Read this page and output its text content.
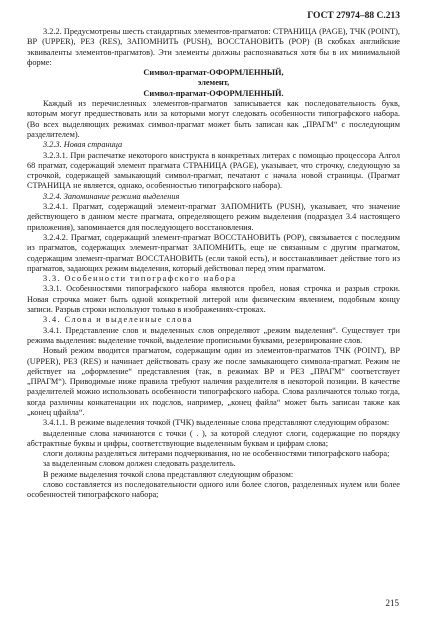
ГОСТ 27974–88 С.213

3.2.2. Предусмотрены шесть стандартных элементов-прагматов: СТРАНИЦА (PAGE), ТЧК (POINT), ВР (UPPER), РЕЗ (RES), ЗАПОМНИТЬ (PUSH), ВОССТАНОВИТЬ (POP) (В скобках английские эквиваленты элементов-прагматов). Эти элементы должны распознаваться хотя бы в их минимальной форме:

Символ-прагмат-ОФОРМЛЕННЫЙ,

элемент,

Символ-прагмат-ОФОРМЛЕННЫЙ.

Каждый из перечисленных элементов-прагматов записывается как последовательность букв, которым могут предшествовать или за которыми могут следовать особенности типографского набора. (Во всех выделяющих режимах символ-прагмат может быть записан как „ПРАГМ“ с последующим разделителем).

3.2.3. Новая страница

3.2.3.1. При распечатке некоторого конструкта в конкретных литерах с помощью процессора Алгол 68 прагмат, содержащий элемент прагмата СТРАНИЦА (PAGE), указывает, что строчку, следующую за строчкой, содержащей замыкающий символ-прагмат, печатают с начала новой страницы. (Прагмат СТРАНИЦА не является, однако, особенностью типографского набора).

3.2.4. Запоминание режима выделения

3.2.4.1. Прагмат, содержащий элемент-прагмат ЗАПОМНИТЬ (PUSH), указывает, что значение действующего в данном месте прагмата, определяющего режим выделения (подраздел 3.4 настоящего приложения), запоминается для последующего восстановления.

3.2.4.2. Прагмат, содержащий элемент-прагмат ВОССТАНОВИТЬ (POP), связывается с последним из прагматов, содержащих элемент-прагмат ЗАПОМНИТЬ, еще не связанным с другим прагматом, содержащим элемент-прагмат ВОССТАНОВИТЬ (если такой есть), и восстанавливает действие того из прагматов, задающих режим выделения, который действовал перед этим прагматом.

3.3. Особенности типографского набора

3.3.1. Особенностями типографского набора являются пробел, новая строчка и разрыв строки. Новая строчка может быть одной конкретной литерой или физическим явлением, подобным концу записи. Разрыв строки используют только в изображениях-строках.

3.4. Слова и выделенные слова

3.4.1. Представление слов и выделенных слов определяют „режим выделения“. Существует три режима выделения: выделение точкой, выделение прописными буквами, резервирование слов.

Новый режим вводится прагматом, содержащим один из элементов-прагматов ТЧК (POINT), ВР (UPPER), РЕЗ (RES) и начинает действовать сразу же после замыкающего символа-прагмат. Режим не действует на „оформление“ представления (так, в режимах ВР и РЕЗ „ПРАГМ“ соответствует „ПРАГМ“). Приводимые ниже правила требуют наличия разделителя в некоторой позиции. В качестве разделителей можно использовать особенности типографского набора. Слова различаются только тогда, когда различны конкатенации их подслов, например, „конец файла“ может быть записан также как „конец цфайла“.

3.4.1.1. В режиме выделения точкой (ТЧК) выделенные слова представляют следующим образом:

выделенные слова начинаются с точки ( . ), за которой следуют слоги, содержащие по порядку абстрактные буквы и цифры, соответствующие выделенным буквам и цифрам слова;

слоги должны разделяться литерами подчеркивания, но не особенностями типографского набора;

за выделенным словом должен следовать разделитель.

В режиме выделения точкой слова представляют следующим образом:

слово составляется из последовательности одного или более слогов, разделенных нулем или более особенностей типографского набора;

215
